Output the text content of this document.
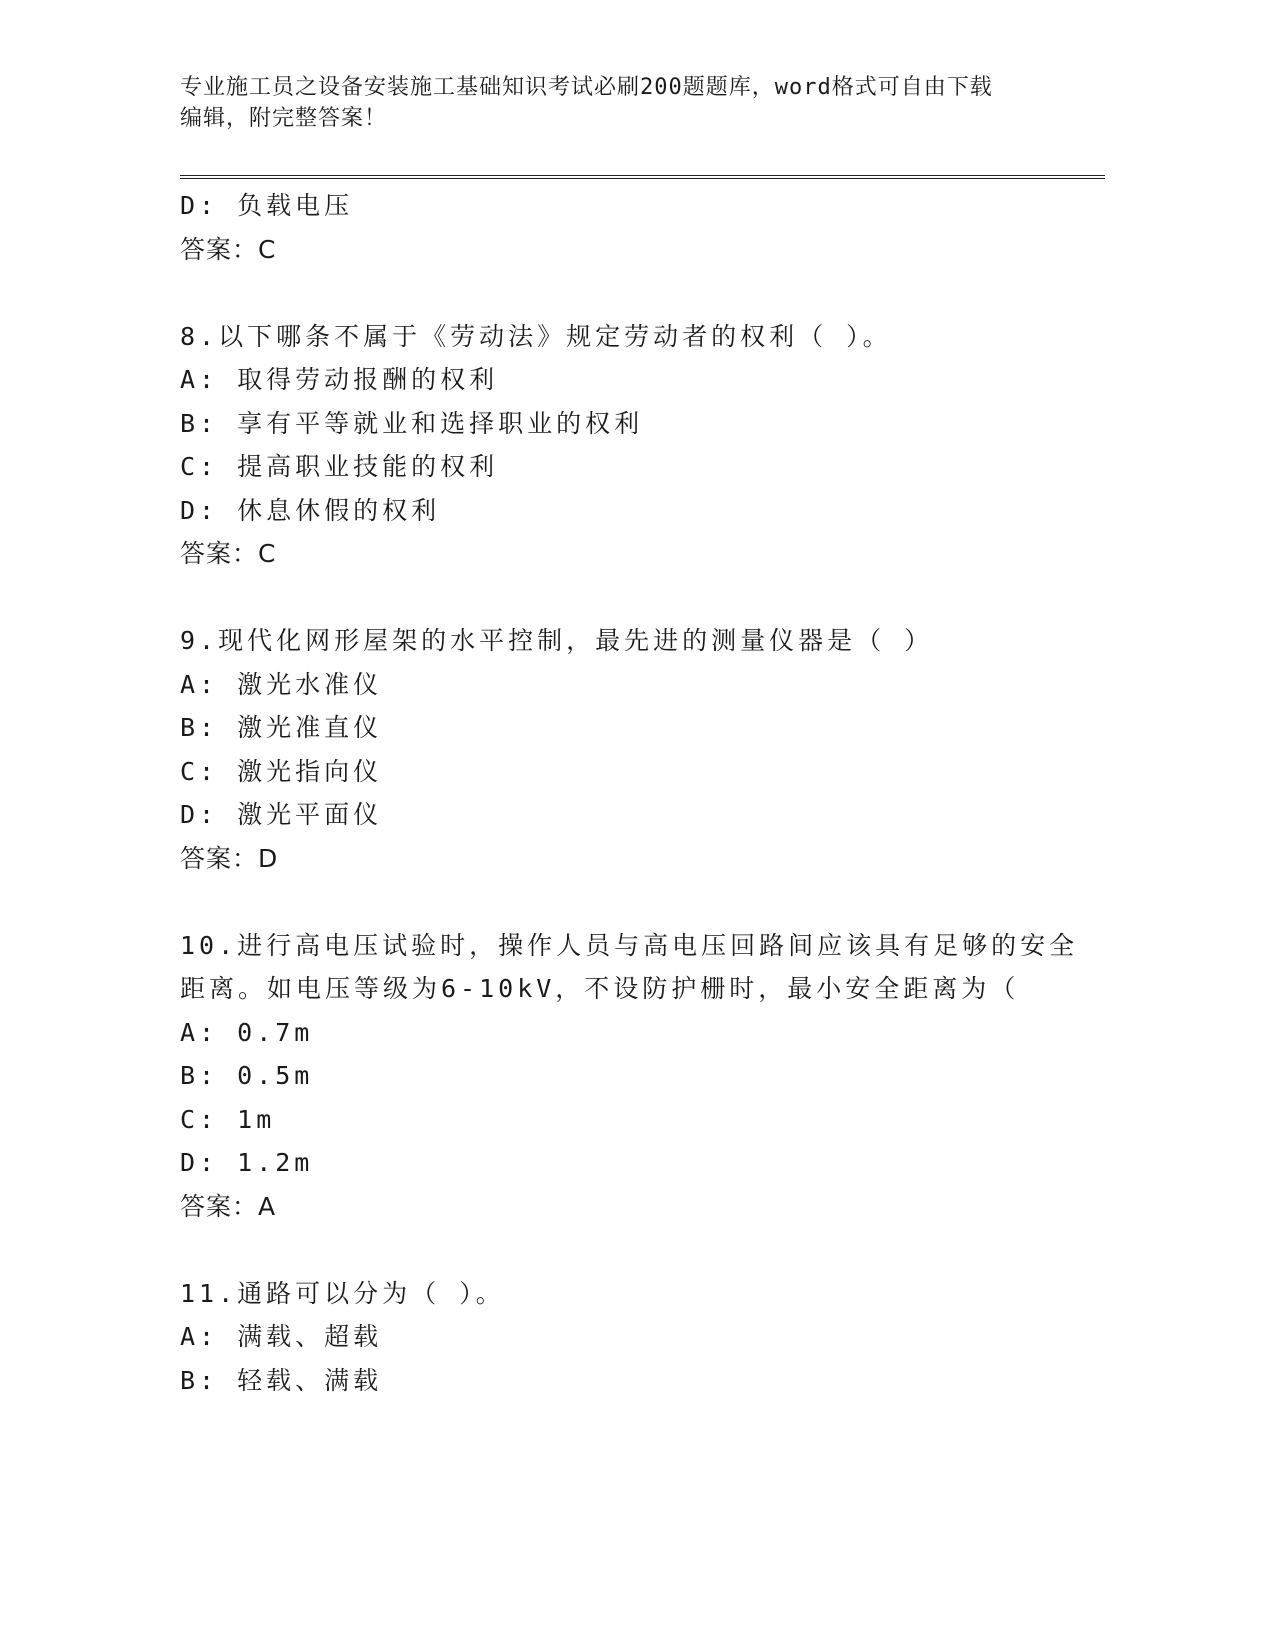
专业施工员之设备安装施工基础知识考试必刷200题题库，word格式可自由下载
编辑，附完整答案！
D: 负载电压
答案：C
8.以下哪条不属于《劳动法》规定劳动者的权利（ ）。
A: 取得劳动报酬的权利
B: 享有平等就业和选择职业的权利
C: 提高职业技能的权利
D: 休息休假的权利
答案：C
9.现代化网形屋架的水平控制，最先进的测量仪器是（ ）
A: 激光水准仪
B: 激光准直仪
C: 激光指向仪
D: 激光平面仪
答案：D
10.进行高电压试验时，操作人员与高电压回路间应该具有足够的安全
距离。如电压等级为6-10kV，不设防护栅时，最小安全距离为（
A: 0.7m
B: 0.5m
C: 1m
D: 1.2m
答案：A
11.通路可以分为（ ）。
A: 满载、超载
B: 轻载、满载
